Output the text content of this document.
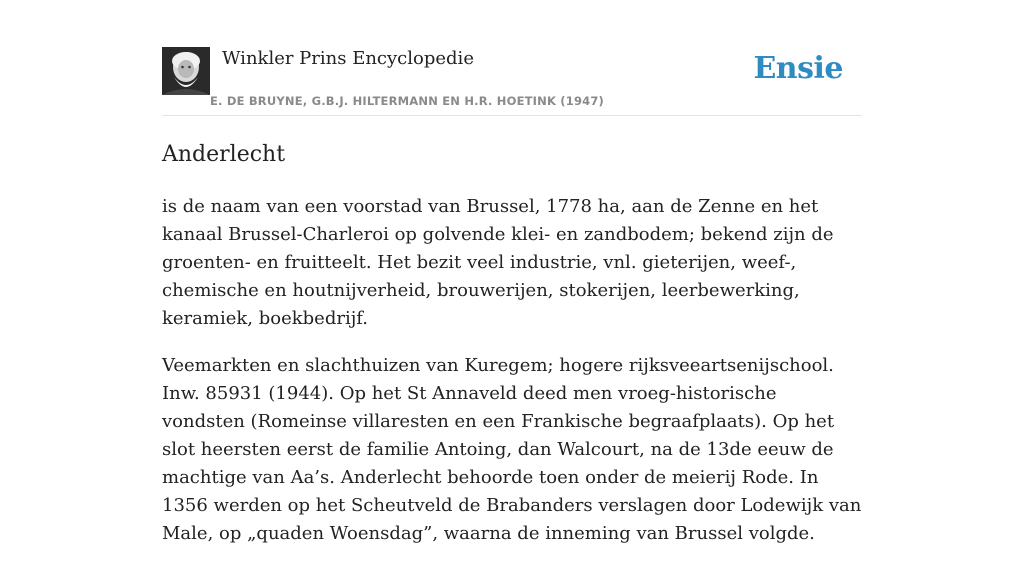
Winkler Prins Encyclopedie
E. DE BRUYNE, G.B.J. HILTERMANN EN H.R. HOETINK (1947)
Ensie
Anderlecht

is de naam van een voorstad van Brussel, 1778 ha, aan de Zenne en het kanaal Brussel-Charleroi op golvende klei- en zandbodem; bekend zijn de groenten- en fruitteelt. Het bezit veel industrie, vnl. gieterijen, weef-, chemische en houtnijverheid, brouwerijen, stokerijen, leerbewerking, keramiek, boekbedrijf.

Veemarkten en slachthuizen van Kuregem; hogere rijksveeartsenijschool. Inw. 85931 (1944). Op het St Annaveld deed men vroeg-historische vondsten (Romeinse villaresten en een Frankische begraafplaats). Op het slot heersten eerst de familie Antoing, dan Walcourt, na de 13de eeuw de machtige van Aa’s. Anderlecht behoorde toen onder de meierij Rode. In 1356 werden op het Scheutveld de Brabanders verslagen door Lodewijk van Male, op „quaden Woensdag”, waarna de inneming van Brussel volgde.
